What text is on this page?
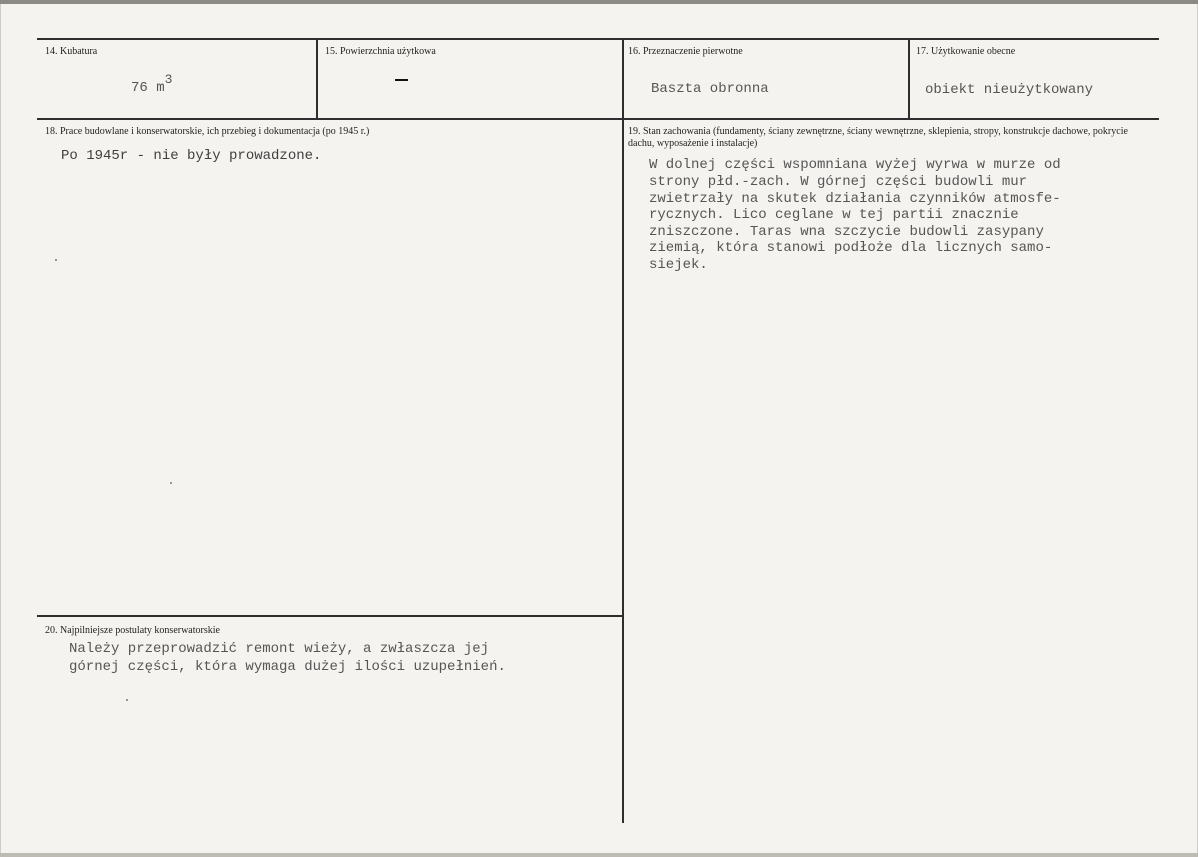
14. Kubatura
76 m3
15. Powierzchnia użytkowa	16. Przeznaczenie pierwotne
Baszta obronna
17. Użytkowanie obecne
obiekt nieużytkowany
18. Prace budowlane i konserwatorskie, ich przebieg i dokumentacja (po 1945 r.)
Po 1945r - nie były prowadzone.
19. Stan zachowania (fundamenty, ściany zewnętrzne, ściany wewnętrzne, sklepienia, stropy, konstrukcje dachowe, pokrycie dachu, wyposażenie i instalacje)
W dolnej części wspomniana wyżej wyrwa w murze od
strony płd.-zach. W górnej części budowli mur
zwietrzały na skutek działania czynników atmosfe-
rycznych. Lico ceglane w tej partii znacznie
zniszczone. Taras wna szczycie budowli zasypany
ziemią, która stanowi podłoże dla licznych samo-
siejek.
20. Najpilniejsze postulaty konserwatorskie
Należy przeprowadzić remont wieży, a zwłaszcza jej
górnej części, która wymaga dużej ilości uzupełnień.
